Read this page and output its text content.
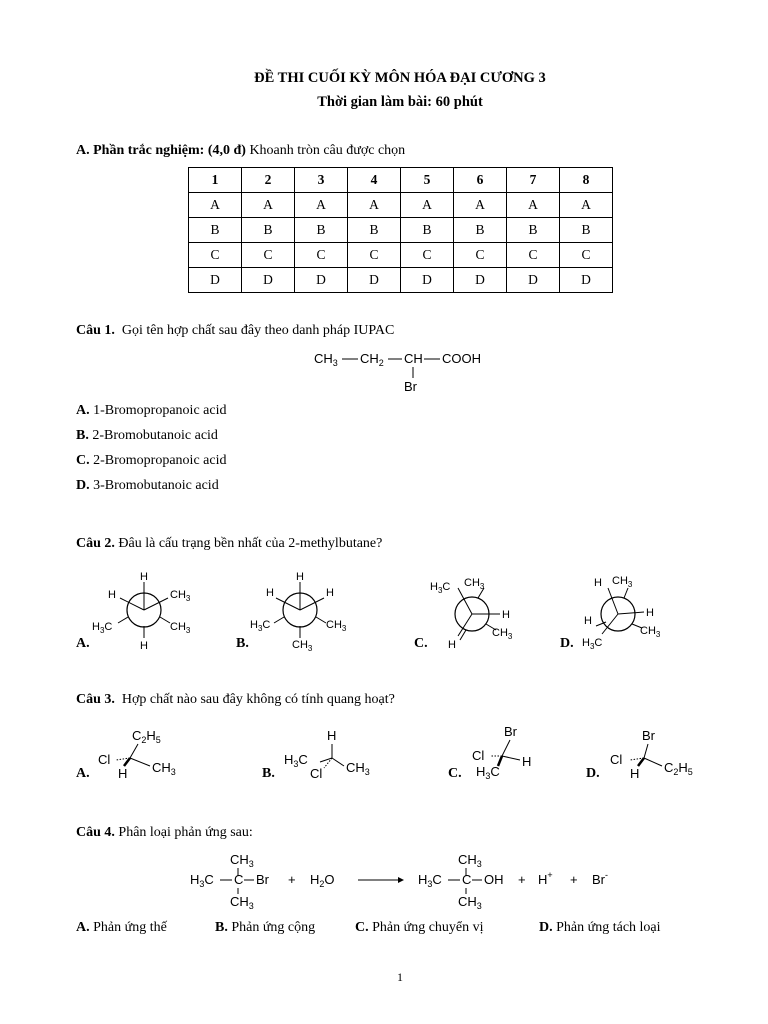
ĐỀ THI CUỐI KỲ MÔN HÓA ĐẠI CƯƠNG 3
Thời gian làm bài: 60 phút
A. Phần trắc nghiệm: (4,0 đ) Khoanh tròn câu được chọn
1	2	3	4	5	6	7	8
A	A	A	A	A	A	A	A
B	B	B	B	B	B	B	B
C	C	C	C	C	C	C	C
D	D	D	D	D	D	D	D
Câu 1. Gọi tên hợp chất sau đây theo danh pháp IUPAC
$CH_3$ $CH_2$ CH COOH
Br
A. 1-Bromopropanoic acid
B. 2-Bromobutanoic acid
C. 2-Bromopropanoic acid
D. 3-Bromobutanoic acid
Câu 2. Đâu là cấu trạng bền nhất của 2-methylbutane?
H
H	$CH_3$
$H_3C$	$CH_3$
H
A.
H
H	H
$H_3C$	$CH_3$
$CH_3$
B.
$H_3C$ $CH_3$
H
$CH_3$
H
C.
H $CH_3$
H
H
$CH_3$
$H_3C$
D.
Câu 3. Hợp chất nào sau đây không có tính quang hoạt?
$C_2H_5$
Cl
$CH_3$
H
A.
H
$H_3C$
$CH_3$
Cl
B.
Br
Cl	H
$H_3C$
C.
Br
Cl
$C_2H_5$
H
D.
Câu 4. Phân loại phản ứng sau:
$CH_3$
$H_3C$ C Br
$CH_3$
+ $H_2O$
$CH_3$
$H_3C$ C OH
$CH_3$
+ H+ + Br-
A. Phản ứng thế	B. Phản ứng cộng	C. Phản ứng chuyển vị	D. Phản ứng tách loại
1
